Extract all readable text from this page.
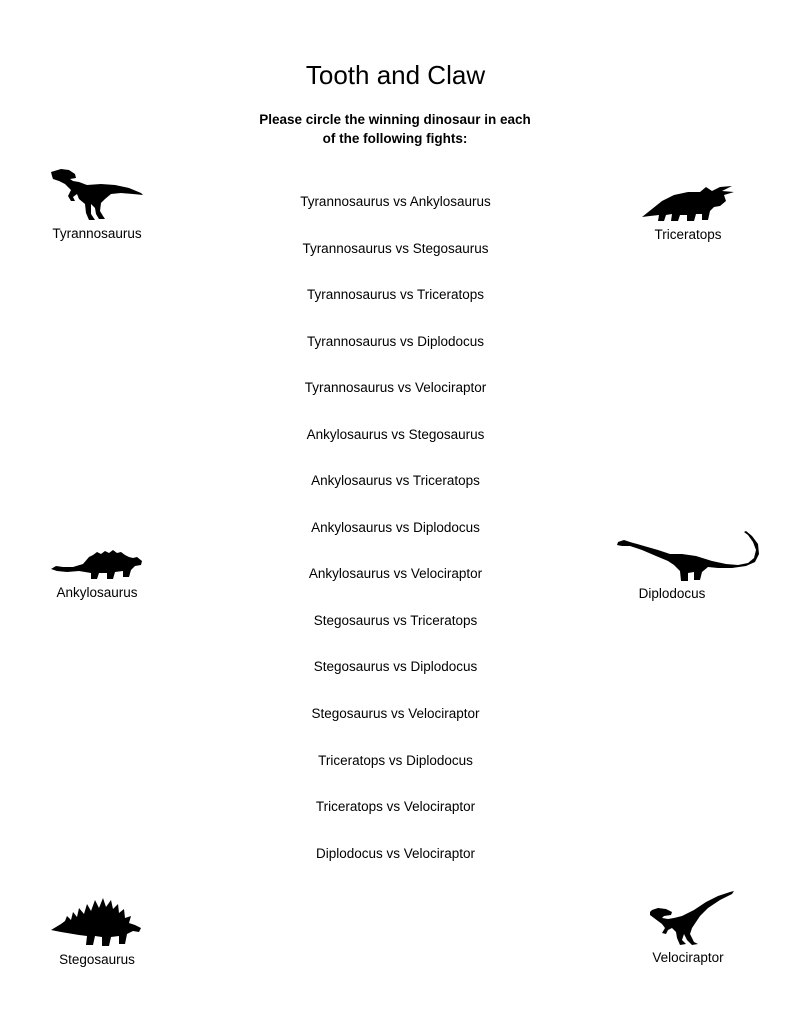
Tooth and Claw

Please circle the winning dinosaur in each
of the following fights:

Tyrannosaurus vs Ankylosaurus
Tyrannosaurus vs Stegosaurus
Tyrannosaurus vs Triceratops
Tyrannosaurus vs Diplodocus
Tyrannosaurus vs Velociraptor
Ankylosaurus vs Stegosaurus
Ankylosaurus vs Triceratops
Ankylosaurus vs Diplodocus
Ankylosaurus vs Velociraptor
Stegosaurus vs Triceratops
Stegosaurus vs Diplodocus
Stegosaurus vs Velociraptor
Triceratops vs Diplodocus
Triceratops vs Velociraptor
Diplodocus vs Velociraptor
Tyrannosaurus	Triceratops
Ankylosaurus	Diplodocus
Stegosaurus	Velociraptor
